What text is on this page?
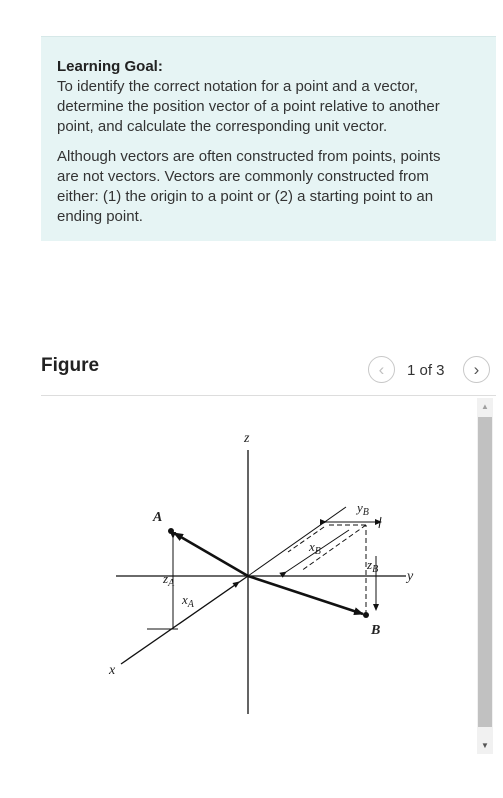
Learning Goal:

To identify the correct notation for a point and a vector,
determine the position vector of a point relative to another
point, and calculate the corresponding unit vector.

Although vectors are often constructed from points, points
are not vectors. Vectors are commonly constructed from
either: (1) the origin to a point or (2) a starting point to an
ending point.

Figure	‹ 1 of 3 ›
z
y
x
A
B
$z_A$
$x_A$
$y_B$
$x_B$
$z_B$
▲
▼
